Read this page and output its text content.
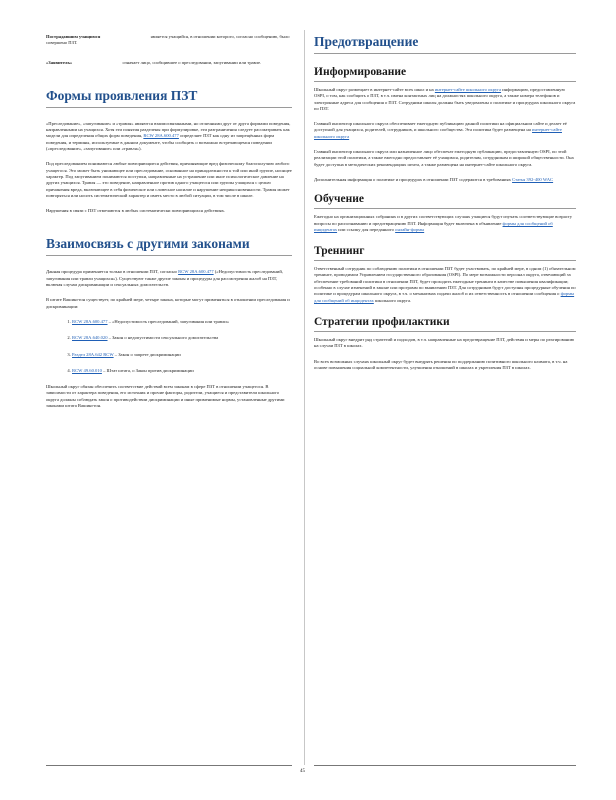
Пострадавшим учащимся	является учащийся, в отношении которого, согласно сообщению, было совершено ПЗТ.

«Заявитель»	означает лицо, сообщившее о преследовании, запугивании или травле.

Формы проявления ПЗТ

«Преследование», «запугивание» и «травля» являются взаимосвязанными, но отличными друг от друга формами поведения, направленными на учащихся. Хотя эти понятия разделены при формулировке, эти разграничения следует рассматривать как модели для определения общих форм поведения, RCW 28A.600.477 определяет ПЗТ как одну из запрещённых форм поведения, и термины, используемые в данном документе, чтобы сообщить о возможно встречающемся поведении («преследование», «запугивание» или «травля»).

Под преследованием понимаются любые повторяющиеся действия, причиняющие вред физическому благополучию любого учащегося. Это может быть унижающее или преследование, основанное на принадлежности к той или иной группе, носящее характер. Под запугиванием понимаются поступки, направленные на устрашение или иное психологическое давление на других учащихся. Травля — это поведение, направленное против одного учащегося или группы учащихся с целью причинения вреда, включающее в себя физическое или словесное насилие и нарушение неприкосновенности. Травля может повторяться или носить систематический характер и иметь место в любой ситуации, в том числе в школе.

Нарушения в связи с ПЗТ отмечаются в любых систематически повторяющихся действиях.

Взаимосвязь с другими законами

Данная процедура применяется только в отношении ПЗТ, согласно RCW 28A.600.477 («Недопустимость преследований, запугивания или травли учащихся»). Существуют также другие законы и процедуры для рассмотрения жалоб на ПЗТ, включая случаи дискриминации и сексуальных домогательств.

В штате Вашингтон существует, по крайней мере, четыре закона, которые могут применяться в отношении преследования и дискриминации:

1. RCW 28A.600.477 – «Недопустимость преследований, запугивания или травли»
2. RCW 28A.640.020 – Закон о недопустимости сексуального домогательства
3. Раздел 28A.642 RCW – Закон о запрете дискриминации
4. RCW 49.60.010 – Штат штата, о Закон против дискриминации

Школьный округ обязан обеспечить соответствие действий всем законам в сфере ПЗТ в отношении учащегося. В зависимости от характера поведения, его источник и прочие факторы, родители, учащиеся и представители школьного округа должны соблюдать закон о противодействии дискриминации и иные применимые нормы, установленные другими законами штата Вашингтон.

Предотвращение
Информирование

Школьный округ размещает в интернет-сайте всех школ и на интернет-сайте школьного округа информацию, предоставленную OSPI, о том, как сообщить о ПЗТ, в т.ч. имена контактных лиц на должностях школьного округа, а также номера телефонов и электронные адреса для сообщения о ПЗТ. Сотрудники школы должны быть уведомлены о политике и процедурах школьного округа по ПЗТ.

Главный инспектор школьного округа обеспечивает ежегодную публикацию данной политики на официальном сайте и делает её доступной для учащихся, родителей, сотрудников, и школьного сообщества. Эта политика будет размещена на интернет-сайте школьного округа

Главный инспектор школьного округа или назначенное лицо обеспечат ежегодную публикацию, предоставленную OSPI, по этой реализации этой политики, а также ежегодно предоставляет её учащимся, родителям, сотрудникам и широкой общественности. Она будет доступна в методических рекомендациях штата, а также размещена на интернет-сайте школьного округа.

Дополнительная информация о политике и процедурах в отношении ПЗТ содержится в требованиях Статья 392-400 WAC

Обучение

Ежегодно на организационных собраниях и в других соответствующих случаях учащиеся будут изучать соответствующие возрасту вопросы по распознаванию и предотвращению ПЗТ. Информация будет включена в объявление формы для сообщений об инцидентах или ссылку для переданного онлайн-формы

Треннинг

Ответственный сотрудник по соблюдению политики в отношении ПЗТ будет участвовать, по крайней мере, в одном (1) обязательном тренинге, проводимом Управлением государственного образования (OSPI). По мере возможности персонал округа, отвечающий за обеспечение требований политики в отношении ПЗТ, будет проходить ежегодные тренинги в качестве повышения квалификации; особенно в случае изменений в законе или программ по выявлению ПЗТ. Для сотрудников будут доступны процедурные обучения по политике и процедурам школьного округа, в т.ч. о механизмах подачи жалоб и их ответственность в отношении сообщения о формы для сообщений об инцидентах школьного округа.

Стратегии профилактики

Школьный округ внедрит ряд стратегий и подходов, в т.ч. направленные на предотвращение ПЗТ, действия и меры по реагированию на случаи ПЗТ в школах.

Во всех возможных случаях школьный округ будет внедрять решения по поддержанию позитивного школьного климата, в т.ч. на основе повышения социальной компетентности, улучшения отношений в школах и укрепления ПЗТ в школах.

45
